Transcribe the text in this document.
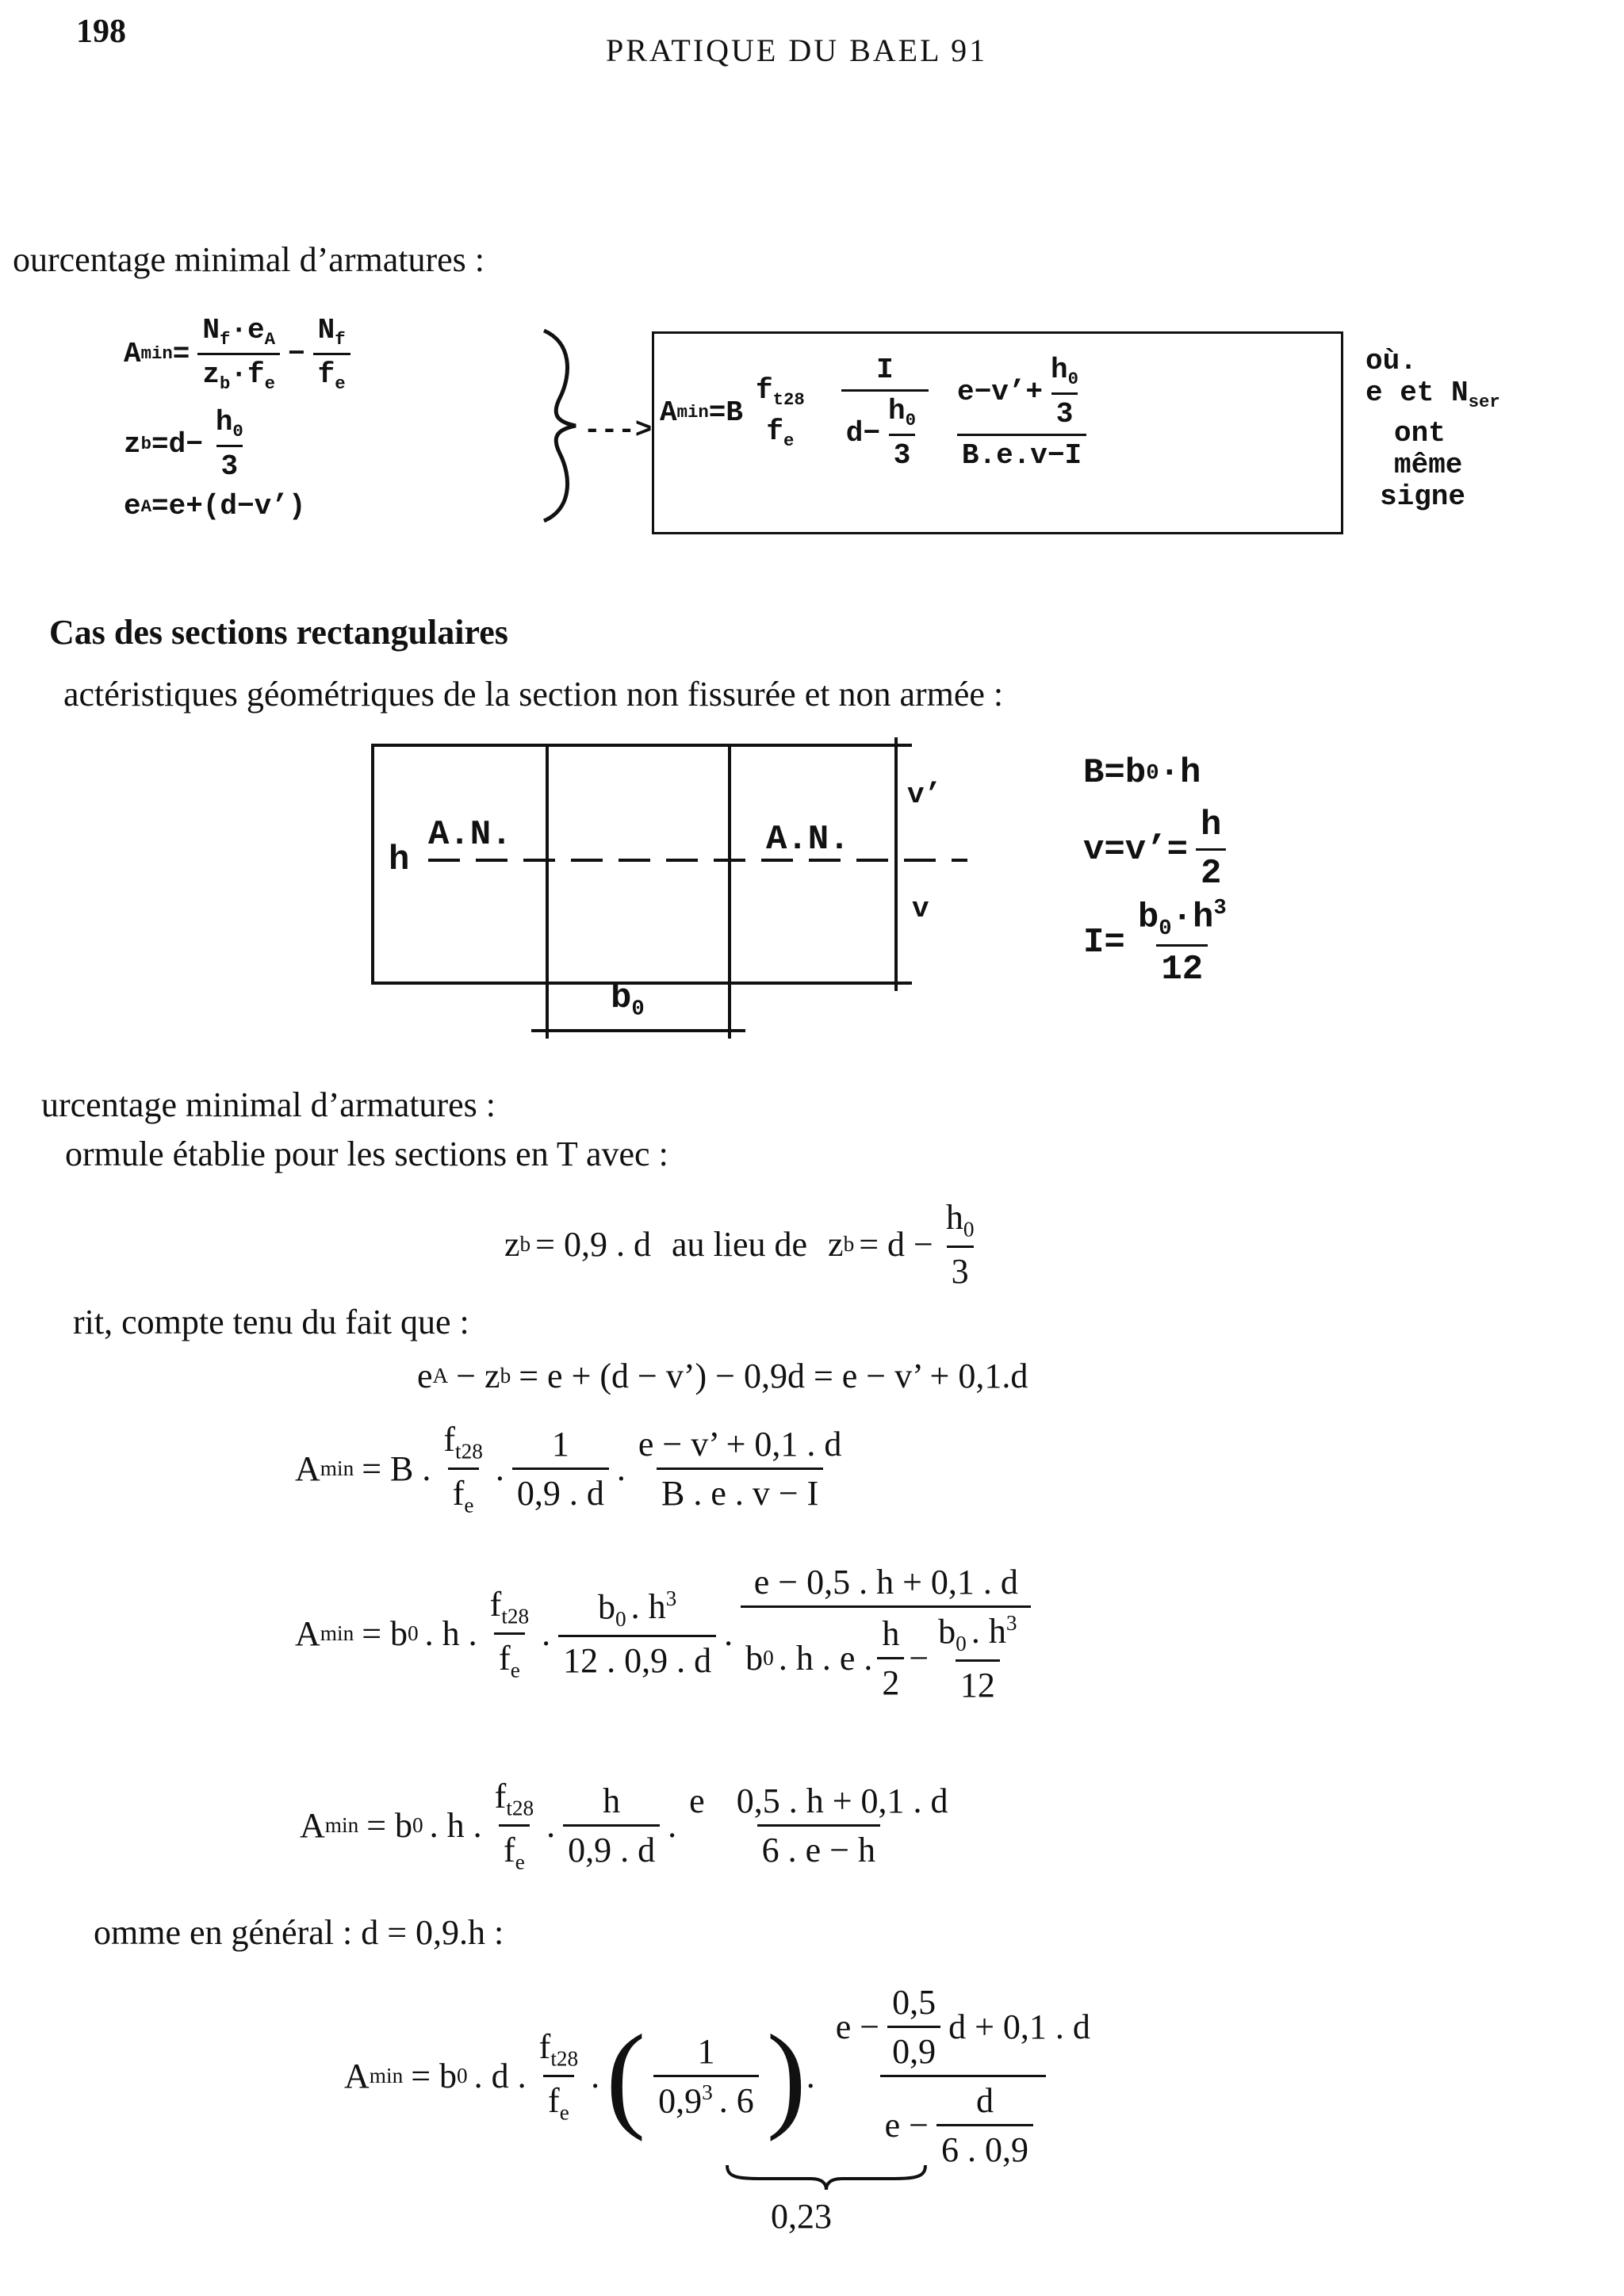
198
PRATIQUE DU BAEL 91
ourcentage minimal d’armatures :
A $\min = \frac{N_f\cdot e_A}{z_b\cdot f_e} - \frac{N_f}{f_e}$
z $b =d- \frac{h_0}{3}$
e A =e+(d−v’)
--->
A min =B
$f_{t28}$
$f_e \frac{I}{d- \frac{h_0}{3}} \frac{e-v’+ \frac{h_0}{3}}{B.e.v-I}$	où.
e et $N_{ser}$
ont
même
signe
Cas des sections rectangulaires
actéristiques géométriques de la section non fissurée et non armée :
h
A.N.	A.N.
v’
v
$b_0$
B=b 0 ·h
v=v’= $\frac{h}{2}$
$I= \frac{b_0\cdot h^3}{12}$
urcentage minimal d’armatures :
ormule établie pour les sections en T avec :
z b = 0,9 . d au lieu de z $b = d - \frac{h_0}{3}$
rit, compte tenu du fait que :
e A − z b = e + (d − v’) − 0,9d = e − v’ + 0,1.d
A min = B . $\frac{f_{t28}}{f_e}$ . $\frac{1}{0,9 . d}$ . $\frac{e - v’ + 0,1 . d}{B . e . v - I}$
A min = b 0 . h . $\frac{f_{t28}}{f_e}$ . $\frac{b_0 . h^3}{12 . 0,9 . d}$ . $\frac{e - 0,5 . h + 0,1 . d}{b 0 . h . e . \frac{h}{2} - \frac{b_0 . h^3}{12}}$
A min = b 0 . h . $\frac{f_{t28}}{f_e}$ . $\frac{h}{0,9 . d}$ . $\frac{e 0,5 . h + 0,1 . d}{6 . e - h}$
omme en général : d = 0,9.h :
A min = b 0 . d . $\frac{f_{t28}}{f_e}$ . ( $\frac{1}{0,9^3 . 6}$ ) . $\frac{e - \frac{0,5}{0,9} d + 0,1 . d}{e - \frac{d}{6 . 0,9}}$
0,23
